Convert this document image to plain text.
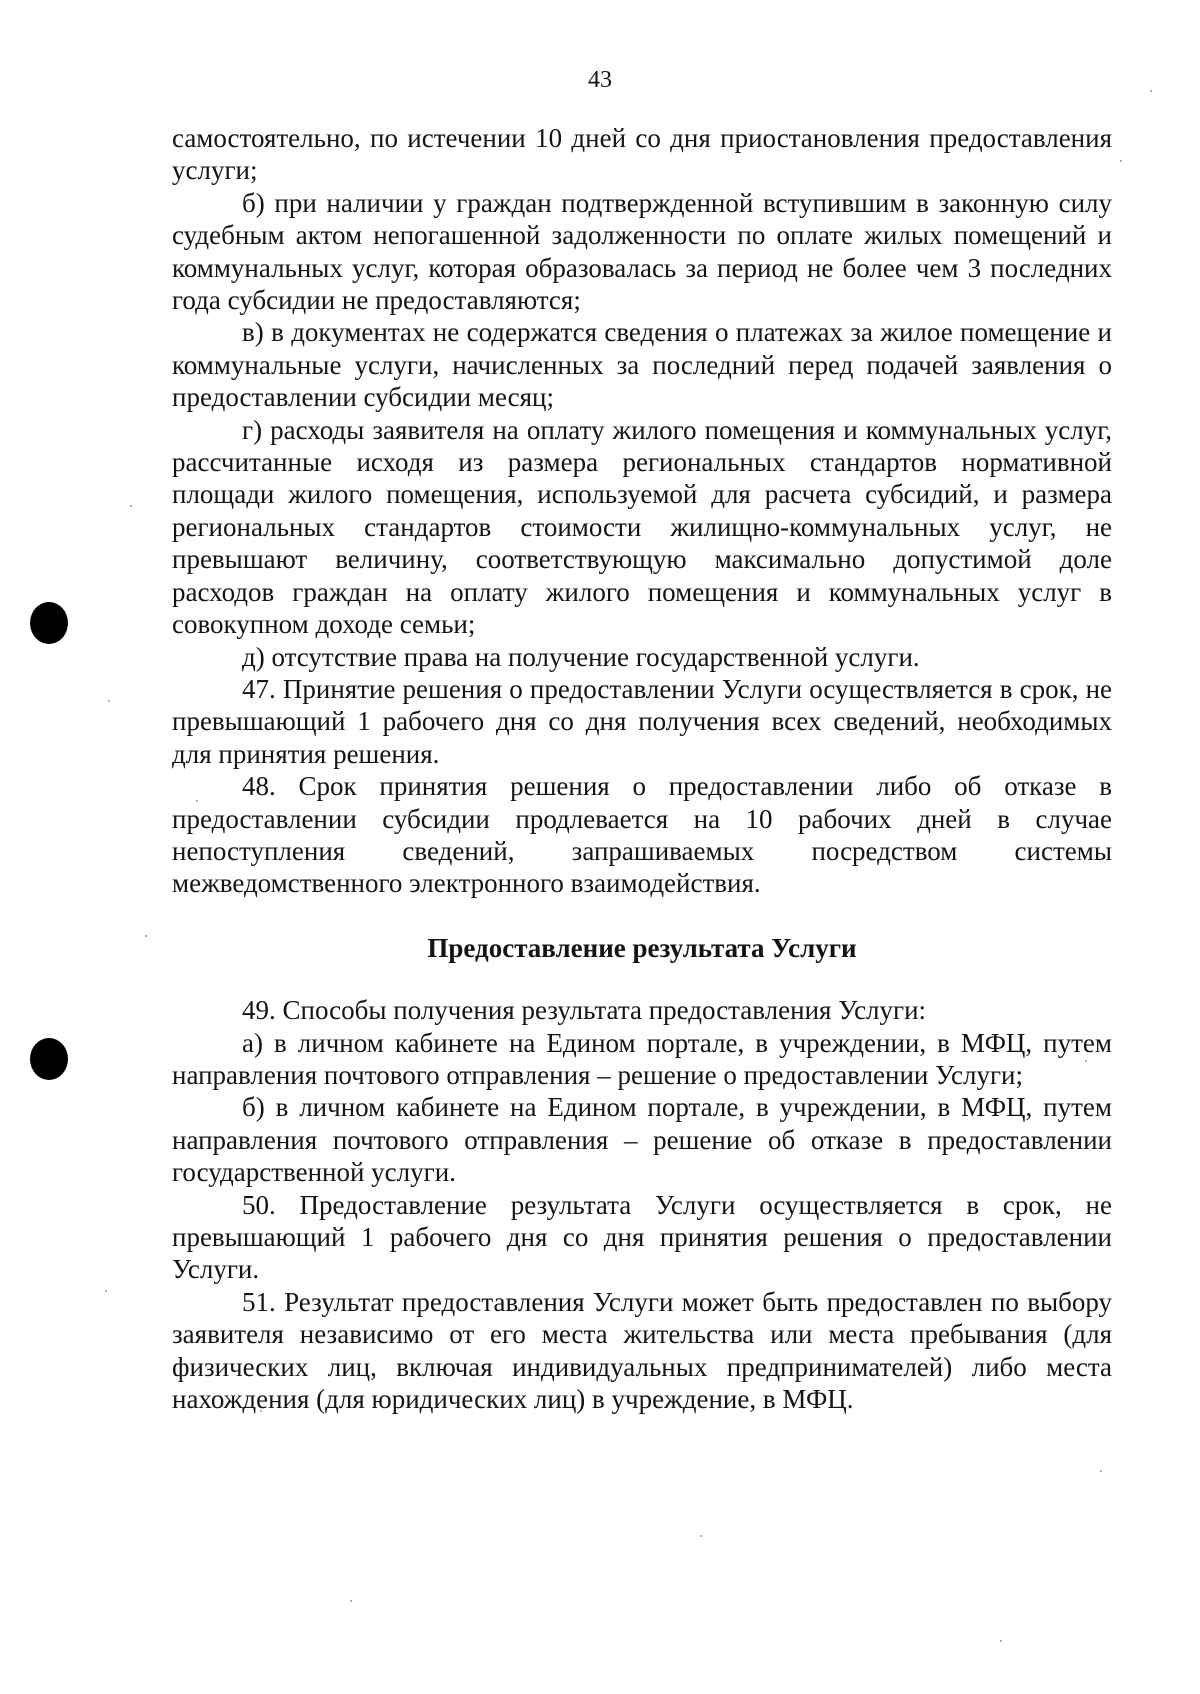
43

самостоятельно, по истечении 10 дней со дня приостановления предоставления услуги;

б) при наличии у граждан подтвержденной вступившим в законную силу судебным актом непогашенной задолженности по оплате жилых помещений и коммунальных услуг, которая образовалась за период не более чем 3 последних года субсидии не предоставляются;

в) в документах не содержатся сведения о платежах за жилое помещение и коммунальные услуги, начисленных за последний перед подачей заявления о предоставлении субсидии месяц;

г) расходы заявителя на оплату жилого помещения и коммунальных услуг, рассчитанные исходя из размера региональных стандартов нормативной площади жилого помещения, используемой для расчета субсидий, и размера региональных стандартов стоимости жилищно-коммунальных услуг, не превышают величину, соответствующую максимально допустимой доле расходов граждан на оплату жилого помещения и коммунальных услуг в совокупном доходе семьи;

д) отсутствие права на получение государственной услуги.

47. Принятие решения о предоставлении Услуги осуществляется в срок, не превышающий 1 рабочего дня со дня получения всех сведений, необходимых для принятия решения.

48. Срок принятия решения о предоставлении либо об отказе в предоставлении субсидии продлевается на 10 рабочих дней в случае непоступления сведений, запрашиваемых посредством системы межведомственного электронного взаимодействия.

Предоставление результата Услуги

49. Способы получения результата предоставления Услуги:

а) в личном кабинете на Едином портале, в учреждении, в МФЦ, путем направления почтового отправления – решение о предоставлении Услуги;

б) в личном кабинете на Едином портале, в учреждении, в МФЦ, путем направления почтового отправления – решение об отказе в предоставлении государственной услуги.

50. Предоставление результата Услуги осуществляется в срок, не превышающий 1 рабочего дня со дня принятия решения о предоставлении Услуги.

51. Результат предоставления Услуги может быть предоставлен по выбору заявителя независимо от его места жительства или места пребывания (для физических лиц, включая индивидуальных предпринимателей) либо места нахождения (для юридических лиц) в учреждение, в МФЦ.
